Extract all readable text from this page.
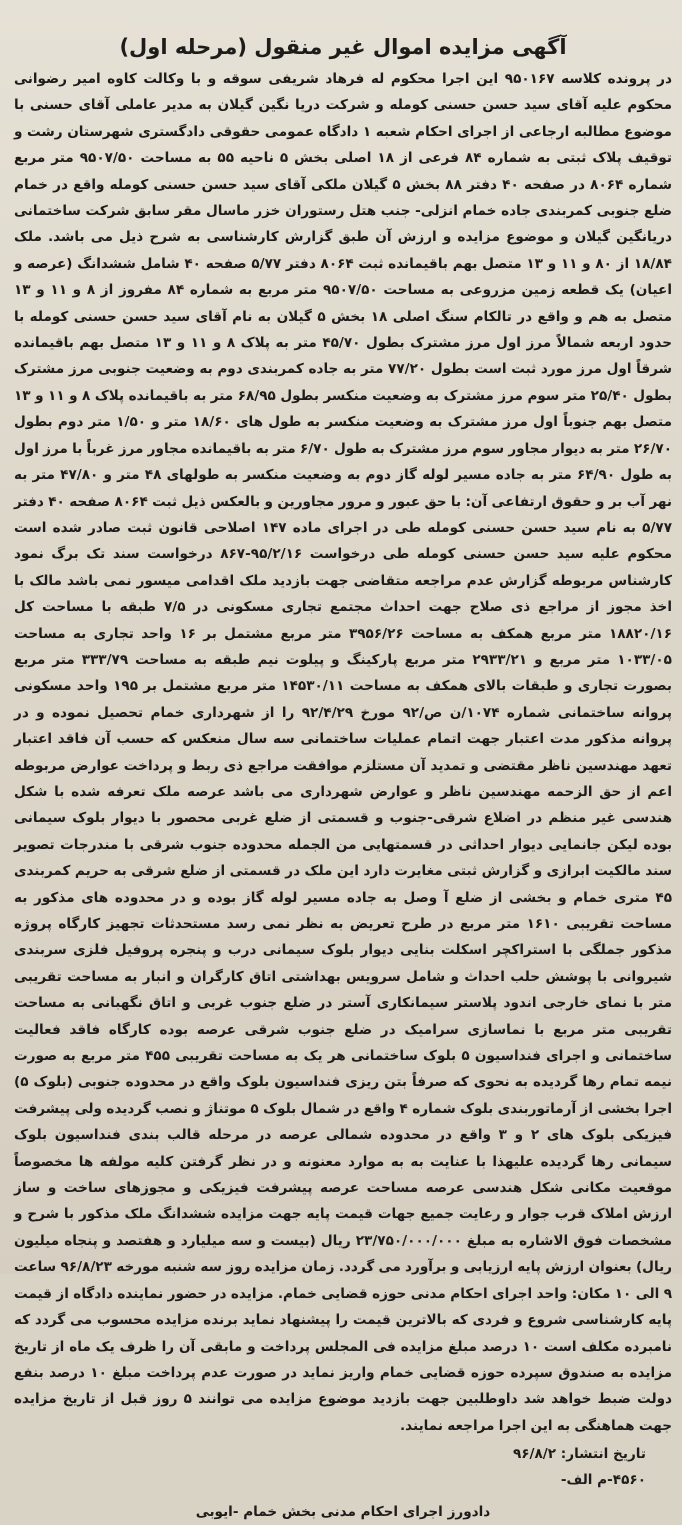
آگهی مزایده اموال غیر منقول (مرحله اول)

در پرونده کلاسه ۹۵۰۱۶۷ این اجرا محکوم له فرهاد شریفی سوقه و با وکالت کاوه امیر رضوانی محکوم علیه آقای سید حسن حسنی کومله و شرکت دریا نگین گیلان به مدیر عاملی آقای حسنی با موضوع مطالبه ارجاعی از اجرای احکام شعبه ۱ دادگاه عمومی حقوقی دادگستری شهرستان رشت و توقیف پلاک ثبتی به شماره ۸۴ فرعی از ۱۸ اصلی بخش ۵ ناحیه ۵۵ به مساحت ۹۵۰۷/۵۰ متر مربع شماره ۸۰۶۴ در صفحه ۴۰ دفتر ۸۸ بخش ۵ گیلان ملکی آقای سید حسن حسنی کومله واقع در خمام ضلع جنوبی کمربندی جاده خمام انزلی- جنب هتل رستوران خزر ماسال مقر سابق شرکت ساختمانی دریانگین گیلان و موضوع مزایده و ارزش آن طبق گزارش کارشناسی به شرح ذیل می باشد. ملک ۱۸/۸۴ از ۸۰ و ۱۱ و ۱۳ متصل بهم باقیمانده ثبت ۸۰۶۴ دفتر ۵/۷۷ صفحه ۴۰ شامل ششدانگ (عرصه و اعیان) یک قطعه زمین مزروعی به مساحت ۹۵۰۷/۵۰ متر مربع به شماره ۸۴ مفروز از ۸ و ۱۱ و ۱۳ متصل به هم و واقع در تالکام سنگ اصلی ۱۸ بخش ۵ گیلان به نام آقای سید حسن حسنی کومله با حدود اربعه شمالاً مرز اول مرز مشترک بطول ۴۵/۷۰ متر به پلاک ۸ و ۱۱ و ۱۳ متصل بهم باقیمانده شرقاً اول مرز مورد ثبت است بطول ۷۷/۲۰ متر به جاده کمربندی دوم به وضعیت جنوبی مرز مشترک بطول ۲۵/۴۰ متر سوم مرز مشترک به وضعیت منکسر بطول ۶۸/۹۵ متر به باقیمانده پلاک ۸ و ۱۱ و ۱۳ متصل بهم جنوباً اول مرز مشترک به وضعیت منکسر به طول های ۱۸/۶۰ متر و ۱/۵۰ متر دوم بطول ۲۶/۷۰ متر به دیوار مجاور سوم مرز مشترک به طول ۶/۷۰ متر به باقیمانده مجاور مرز غرباً با مرز اول به طول ۶۴/۹۰ متر به جاده مسیر لوله گاز دوم به وضعیت منکسر به طولهای ۴۸ متر و ۴۷/۸۰ متر به نهر آب بر و حقوق ارتفاعی آن: با حق عبور و مرور مجاورین و بالعکس ذیل ثبت ۸۰۶۴ صفحه ۴۰ دفتر ۵/۷۷ به نام سید حسن حسنی کومله طی در اجرای ماده ۱۴۷ اصلاحی قانون ثبت صادر شده است محکوم علیه سید حسن حسنی کومله طی درخواست ۹۵/۲/۱۶-۸۶۷ درخواست سند تک برگ نمود کارشناس مربوطه گزارش عدم مراجعه متقاضی جهت بازدید ملک اقدامی میسور نمی باشد مالک با اخذ مجوز از مراجع ذی صلاح جهت احداث مجتمع تجاری مسکونی در ۷/۵ طبقه با مساحت کل ۱۸۸۲۰/۱۶ متر مربع همکف به مساحت ۳۹۵۶/۲۶ متر مربع مشتمل بر ۱۶ واحد تجاری به مساحت ۱۰۳۳/۰۵ متر مربع و ۲۹۳۳/۲۱ متر مربع پارکینگ و پیلوت نیم طبقه به مساحت ۳۳۳/۷۹ متر مربع بصورت تجاری و طبقات بالای همکف به مساحت ۱۴۵۳۰/۱۱ متر مربع مشتمل بر ۱۹۵ واحد مسکونی پروانه ساختمانی شماره ۱۰۷۴/ن ص/۹۲ مورخ ۹۲/۴/۲۹ را از شهرداری خمام تحصیل نموده و در پروانه مذکور مدت اعتبار جهت اتمام عملیات ساختمانی سه سال منعکس که حسب آن فاقد اعتبار تعهد مهندسین ناظر مقتضی و تمدید آن مستلزم موافقت مراجع ذی ربط و پرداخت عوارض مربوطه اعم از حق الزحمه مهندسین ناظر و عوارض شهرداری می باشد عرصه ملک تعرفه شده با شکل هندسی غیر منظم در اضلاع شرقی-جنوب و قسمتی از ضلع غربی محصور با دیوار بلوک سیمانی بوده لیکن جانمایی دیوار احداثی در قسمتهایی من الجمله محدوده جنوب شرقی با مندرجات تصویر سند مالکیت ابرازی و گزارش ثبتی مغایرت دارد این ملک در قسمتی از ضلع شرقی به حریم کمربندی ۴۵ متری خمام و بخشی از ضلع آ وصل به جاده مسیر لوله گاز بوده و در محدوده های مذکور به مساحت تقریبی ۱۶۱۰ متر مربع در طرح تعریض به نظر نمی رسد مستحدثات تجهیز کارگاه پروژه مذکور جملگی با استراکچر اسکلت بنایی دیوار بلوک سیمانی درب و پنجره پروفیل فلزی سربندی شیروانی با پوشش حلب احداث و شامل سرویس بهداشتی اتاق کارگران و انبار به مساحت تقریبی متر با نمای خارجی اندود پلاستر سیمانکاری آستر در ضلع جنوب غربی و اتاق نگهبانی به مساحت تقریبی متر مربع با نماسازی سرامیک در ضلع جنوب شرقی عرصه بوده کارگاه فاقد فعالیت ساختمانی و اجرای فنداسیون ۵ بلوک ساختمانی هر یک به مساحت تقریبی ۴۵۵ متر مربع به صورت نیمه تمام رها گردیده به نحوی که صرفاً بتن ریزی فنداسیون بلوک واقع در محدوده جنوبی (بلوک ۵) اجرا بخشی از آرماتوربندی بلوک شماره ۴ واقع در شمال بلوک ۵ موتناژ و نصب گردیده ولی پیشرفت فیزیکی بلوک های ۲ و ۳ واقع در محدوده شمالی عرصه در مرحله قالب بندی فنداسیون بلوک سیمانی رها گردیده علیهذا با عنایت به به موارد معنونه و در نظر گرفتن کلیه مولفه ها مخصوصاً موقعیت مکانی شکل هندسی عرصه مساحت عرصه پیشرفت فیزیکی و مجوزهای ساخت و ساز ارزش املاک قرب جوار و رعایت جمیع جهات قیمت پایه جهت مزایده ششدانگ ملک مذکور با شرح و مشخصات فوق الاشاره به مبلغ ۲۳/۷۵۰/۰۰۰/۰۰۰ ریال (بیست و سه میلیارد و هفتصد و پنجاه میلیون ریال) بعنوان ارزش پایه ارزیابی و برآورد می گردد. زمان مزایده روز سه شنبه مورخه ۹۶/۸/۲۳ ساعت ۹ الی ۱۰ مکان: واحد اجرای احکام مدنی حوزه قضایی خمام. مزایده در حضور نماینده دادگاه از قیمت پایه کارشناسی شروع و فردی که بالاترین قیمت را پیشنهاد نماید برنده مزایده محسوب می گردد که نامبرده مکلف است ۱۰ درصد مبلغ مزایده فی المجلس پرداخت و مابقی آن را ظرف یک ماه از تاریخ مزایده به صندوق سپرده حوزه قضایی خمام واریز نماید در صورت عدم پرداخت مبلغ ۱۰ درصد بنفع دولت ضبط خواهد شد داوطلبین جهت بازدید موضوع مزایده می توانند ۵ روز قبل از تاریخ مزایده جهت هماهنگی به این اجرا مراجعه نمایند.

تاریخ انتشار: ۹۶/۸/۲
۴۵۶۰-م الف-
دادورز اجرای احکام مدنی بخش خمام -ایوبی
